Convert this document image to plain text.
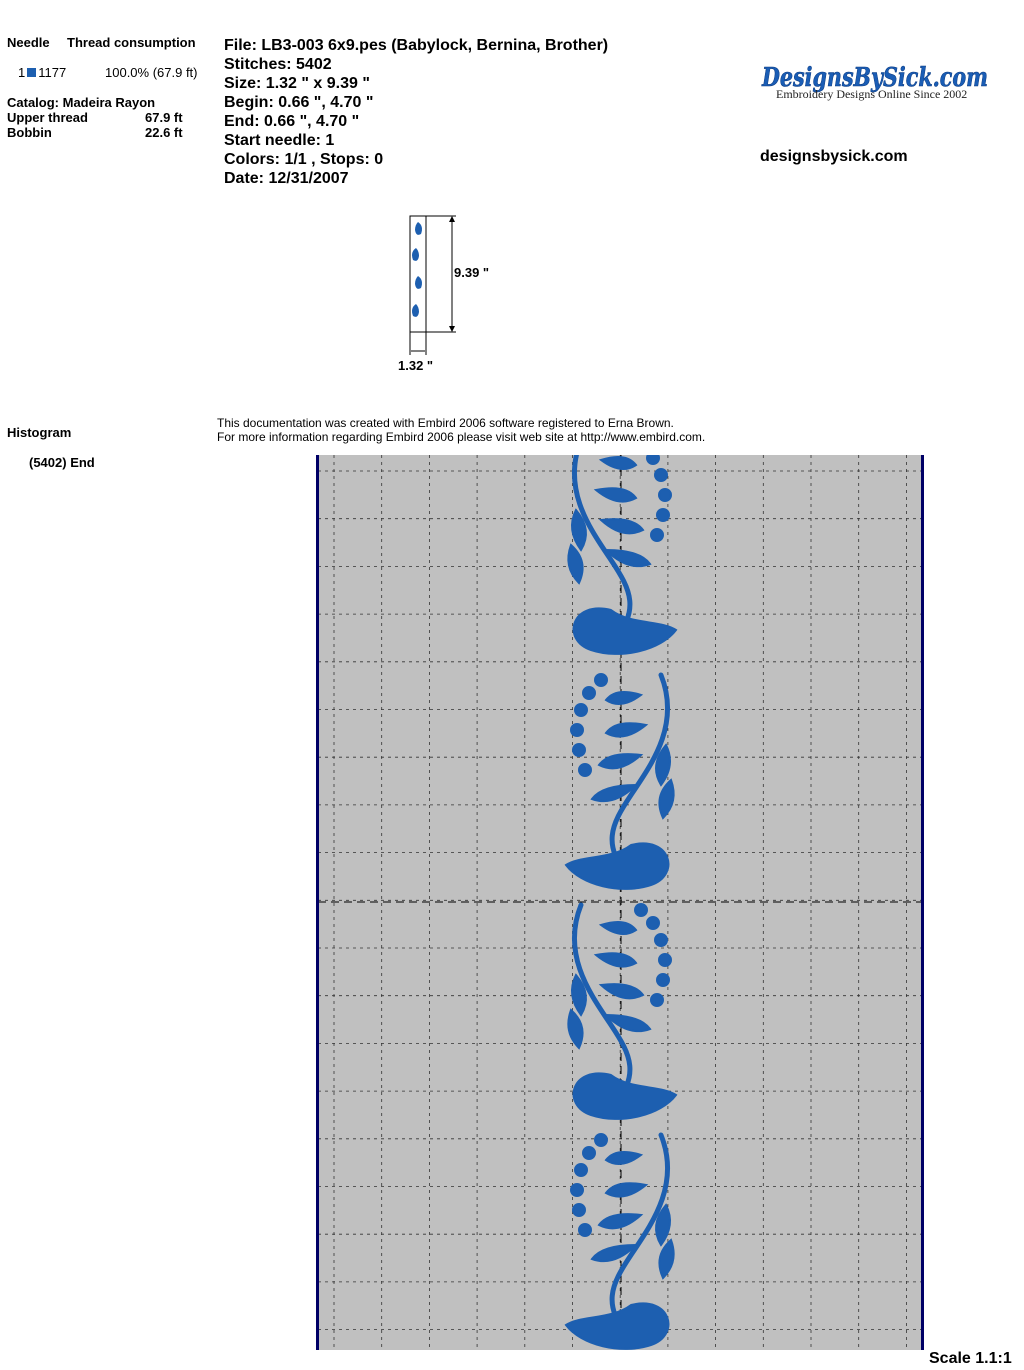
Needle Thread consumption
1 1177	100.0% (67.9 ft)
Catalog: Madeira Rayon
Upper thread	67.9 ft
Bobbin	22.6 ft
File: LB3-003 6x9.pes (Babylock, Bernina, Brother)
Stitches: 5402
Size: 1.32 " x 9.39 "
Begin: 0.66 ", 4.70 "
End: 0.66 ", 4.70 "
Start needle: 1
Colors: 1/1 , Stops: 0
Date: 12/31/2007
DesignsBySick.com
Embroidery Designs Online Since 2002
designsbysick.com
9.39 "
1.32 "
Histogram
(5402) End
This documentation was created with Embird 2006 software registered to Erna Brown.
For more information regarding Embird 2006 please visit web site at http://www.embird.com.
Scale 1.1:1
